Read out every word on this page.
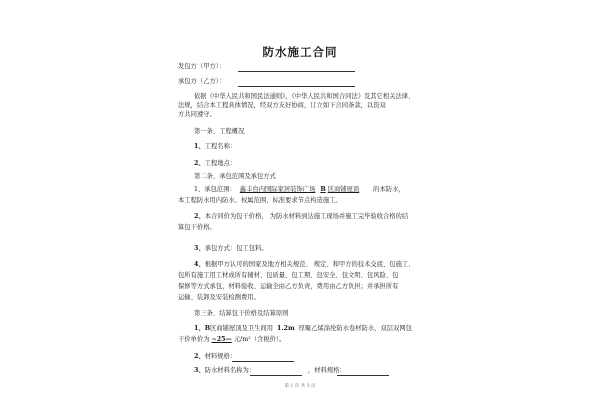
防水施工合同
发包方（甲方）：
承包方（乙方）：
依据《中华人民共和国民法通则》，《中华人民共和国合同法》及其它相关法律、
法规，结合本工程具体情况，经双方友好协商，订立如下合同条款，以资双
方共同遵守。
第一条、工程概况
1、工程名称：
2、工程地点：
第二条、承包范围及承包方式
1、承包范围： 鑫丰台内国际家居装饰广场 B 区商铺屋顶 的本防水，
本工程防水用内防水、权属范围、标准要求节点构造施工。
2、本合同价为包干价格， 为防水材料到达施工现场并施工完毕验收合格的结
算包干价格。
3、承包方式：包工包料。
4、根据甲方认可的国家及地方相关规范、 规定、和甲方的技术交底、包施工、
包所有施工用工材成所有辅材、包质量、包工期、包安全、包文明、包风险、包
保修等方式承包，材料验收、运输全由乙方负责，费用由乙方负担；并承担所有
运输、装卸及安装检测费用。
第三条、结算包干价格及结算原则
1、B区商铺屋顶及卫生间用 1.2m 厚聚乙烯涤纶防水卷材防水，双层双网包
干价单价为 ~25— 元/m²（含税价）。
2、材料规格：
3、防水材料名称为：	，材料规格：
第 1 页 共 3 页
